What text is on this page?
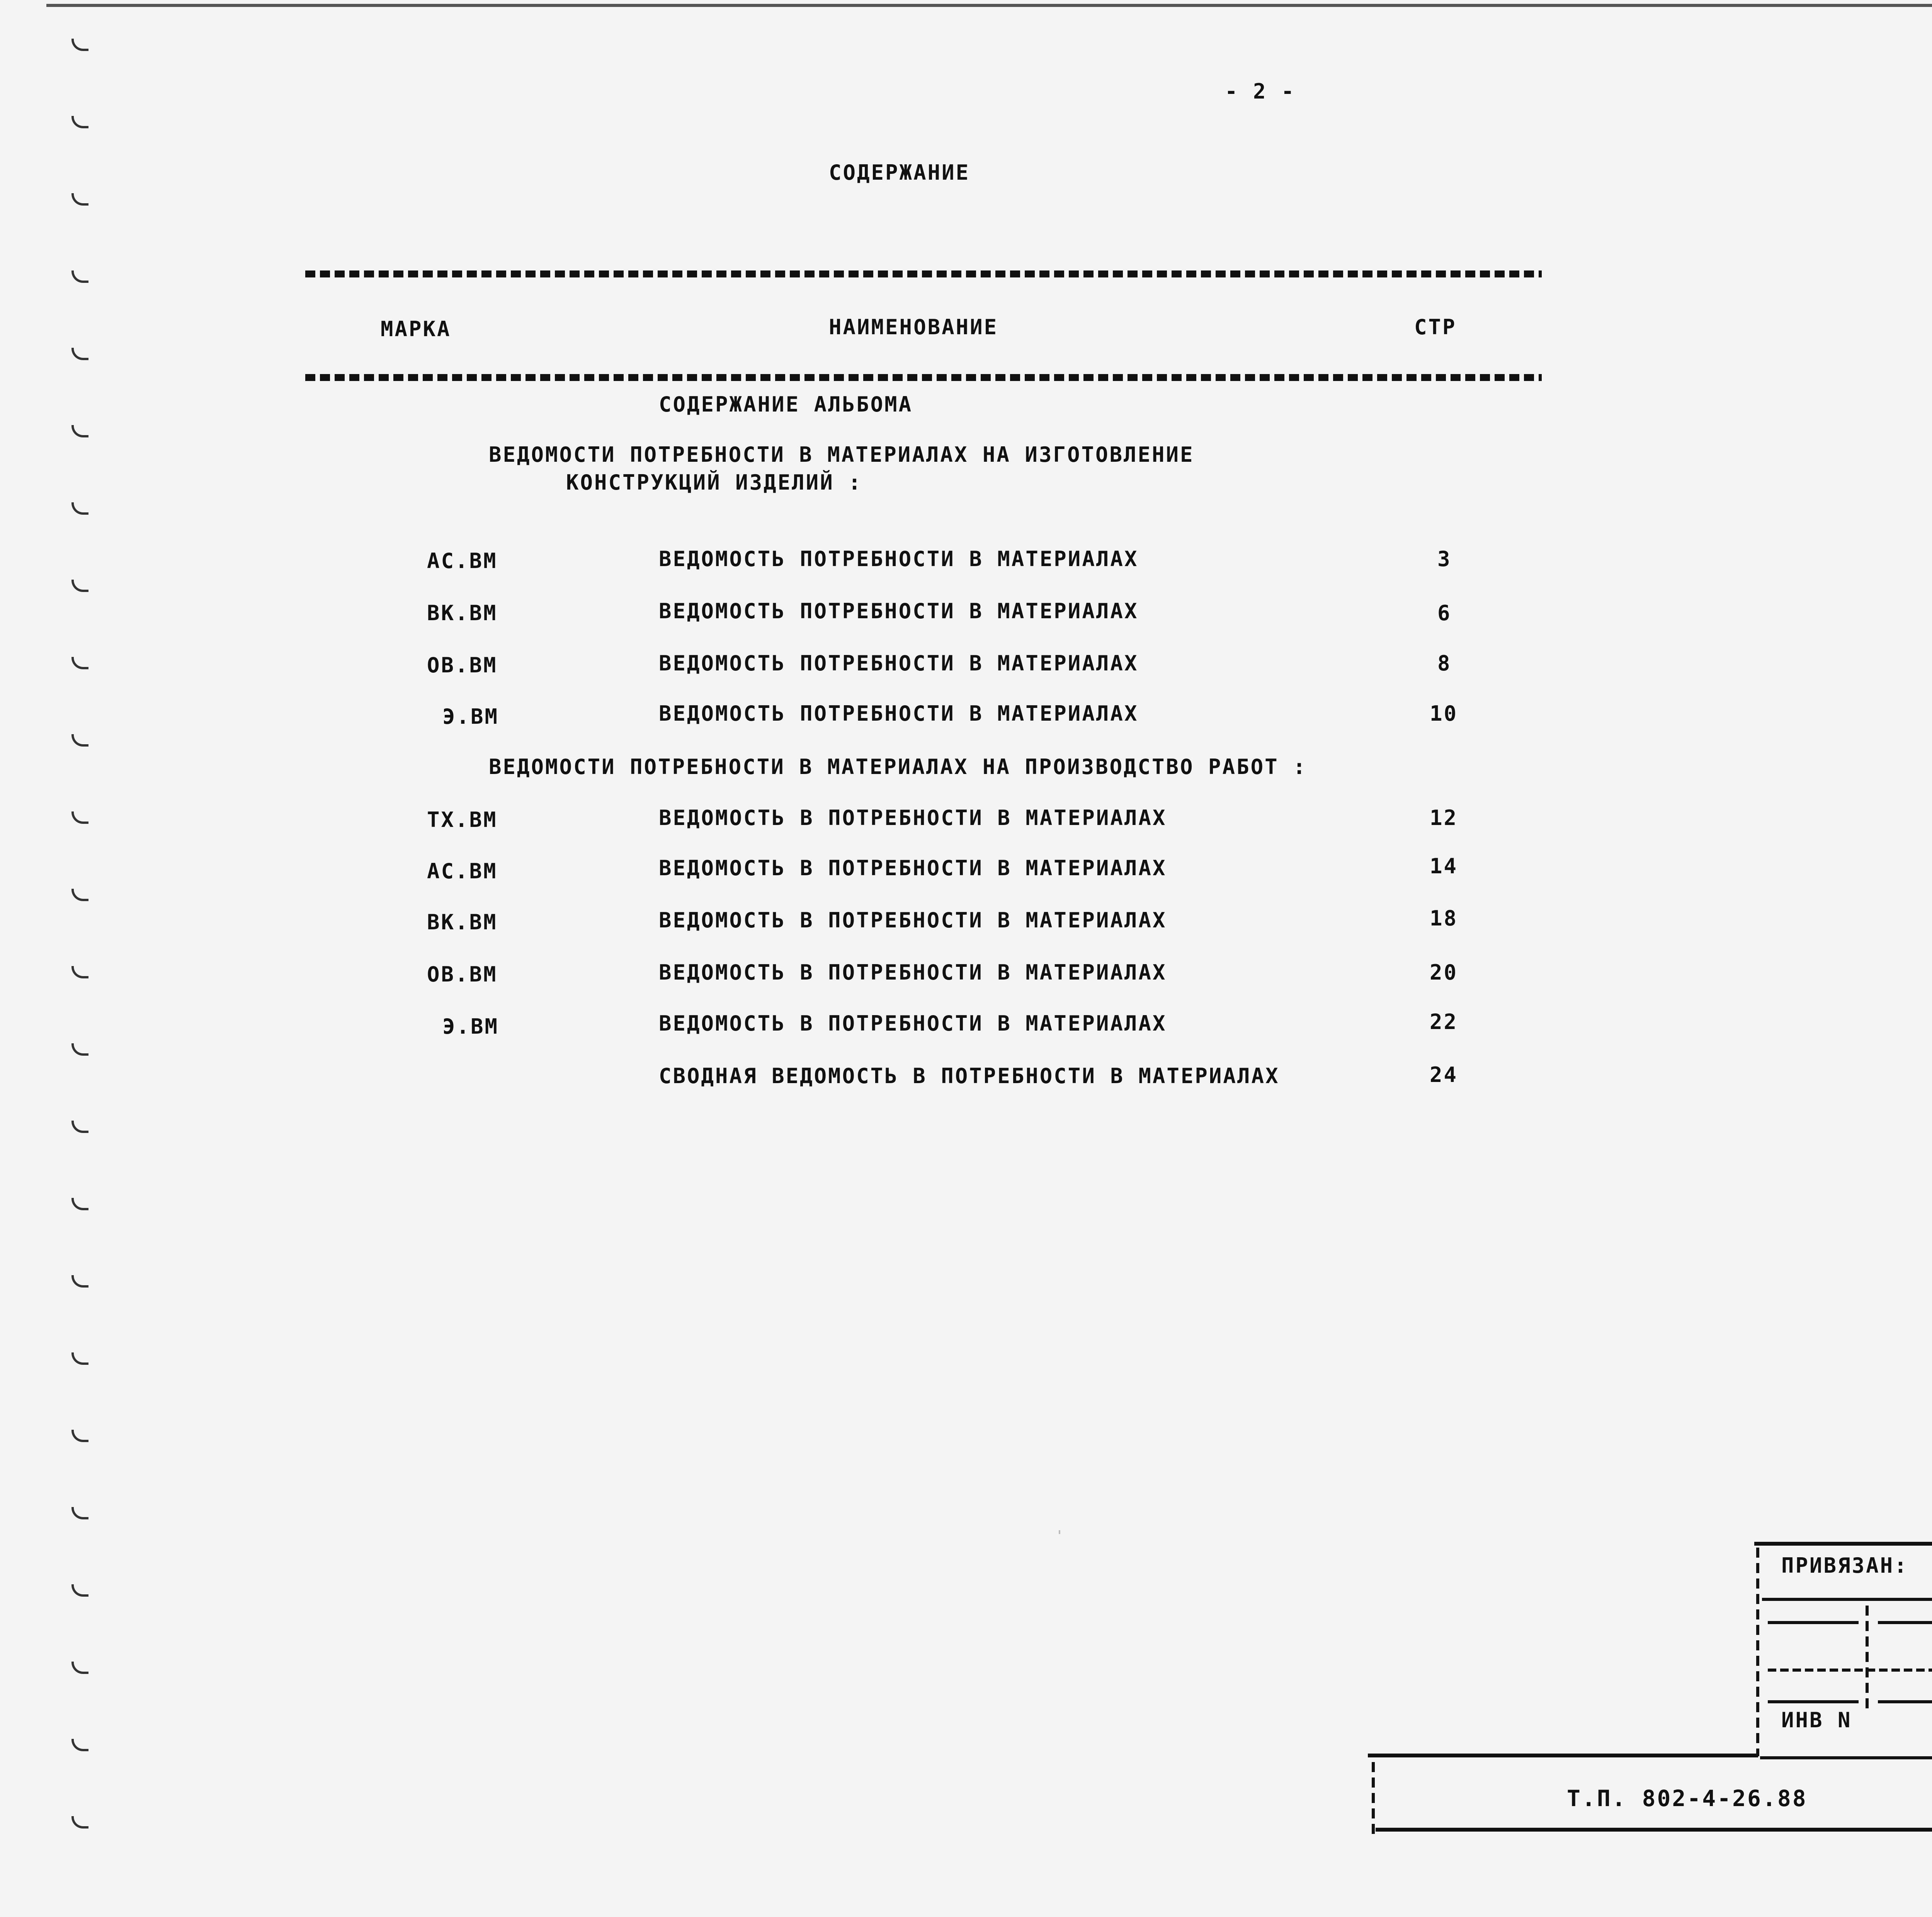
- 2 -
СОДЕРЖАНИЕ
МАРКА	НАИМЕНОВАНИЕ	СТР
СОДЕРЖАНИЕ АЛЬБОМА
ВЕДОМОСТИ ПОТРЕБНОСТИ В МАТЕРИАЛАХ НА ИЗГОТОВЛЕНИЕ
КОНСТРУКЦИЙ ИЗДЕЛИЙ :
АС.ВМ	ВЕДОМОСТЬ ПОТРЕБНОСТИ В МАТЕРИАЛАХ	3
ВК.ВМ	ВЕДОМОСТЬ ПОТРЕБНОСТИ В МАТЕРИАЛАХ	6
ОВ.ВМ	ВЕДОМОСТЬ ПОТРЕБНОСТИ В МАТЕРИАЛАХ	8
Э.ВМ	ВЕДОМОСТЬ ПОТРЕБНОСТИ В МАТЕРИАЛАХ	10
ВЕДОМОСТИ ПОТРЕБНОСТИ В МАТЕРИАЛАХ НА ПРОИЗВОДСТВО РАБОТ :
ТХ.ВМ	ВЕДОМОСТЬ В ПОТРЕБНОСТИ В МАТЕРИАЛАХ	12
АС.ВМ	ВЕДОМОСТЬ В ПОТРЕБНОСТИ В МАТЕРИАЛАХ	14
ВК.ВМ	ВЕДОМОСТЬ В ПОТРЕБНОСТИ В МАТЕРИАЛАХ	18
ОВ.ВМ	ВЕДОМОСТЬ В ПОТРЕБНОСТИ В МАТЕРИАЛАХ	20
Э.ВМ	ВЕДОМОСТЬ В ПОТРЕБНОСТИ В МАТЕРИАЛАХ	22
СВОДНАЯ ВЕДОМОСТЬ В ПОТРЕБНОСТИ В МАТЕРИАЛАХ	24
ПРИВЯЗАН:
ИНВ N
Т.П. 802-4-26.88
